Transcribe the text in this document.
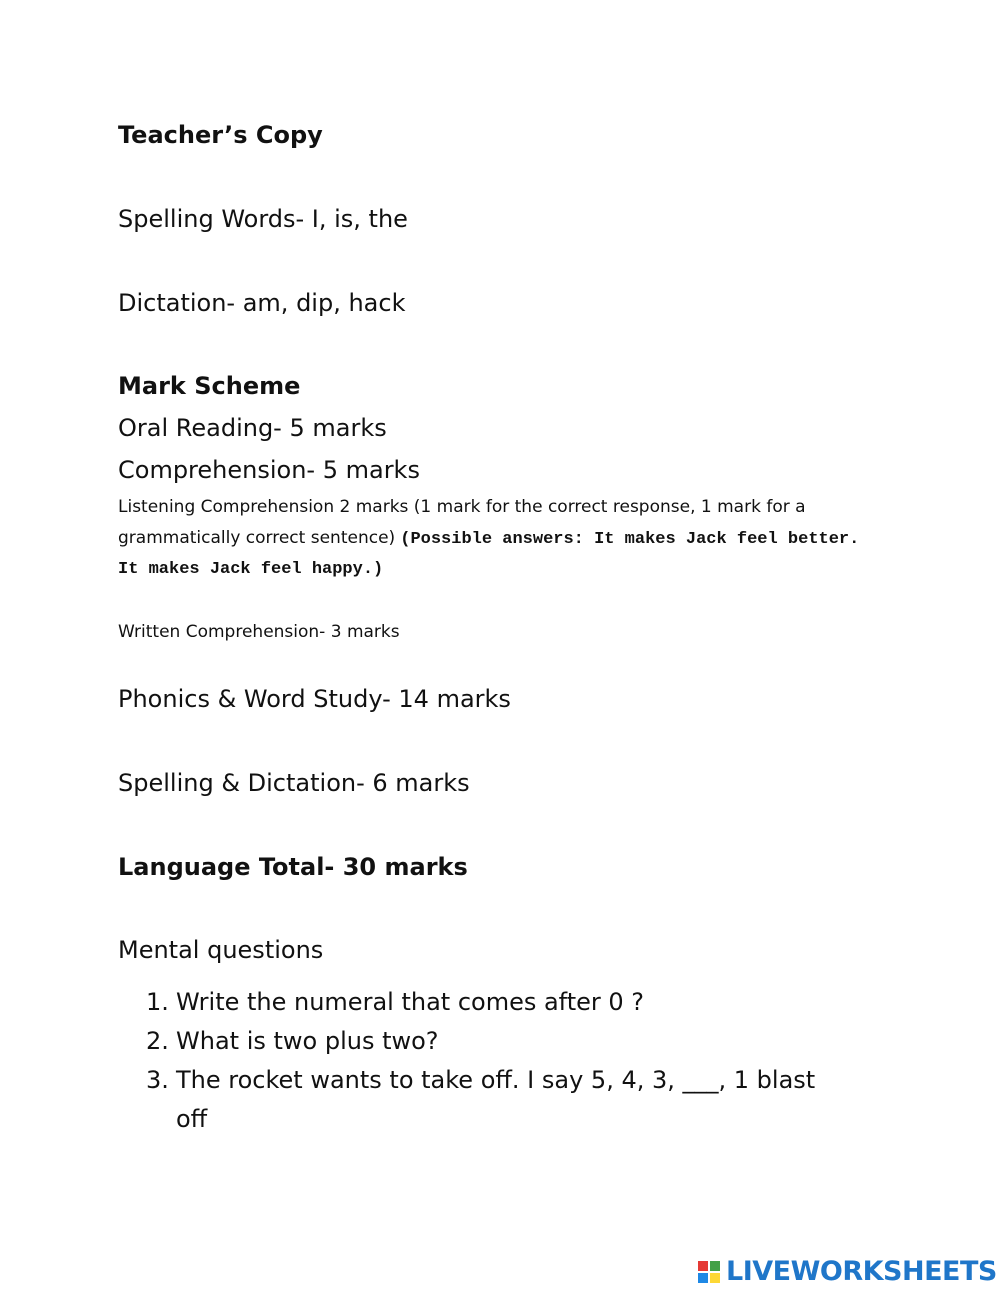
Teacher’s Copy
Spelling Words- I, is, the
Dictation- am, dip, hack
Mark Scheme
Oral Reading- 5 marks
Comprehension- 5 marks
Listening Comprehension 2 marks (1 mark for the correct response, 1 mark for a
grammatically correct sentence) (Possible answers: It makes Jack feel better.
It makes Jack feel happy.)
Written Comprehension- 3 marks
Phonics & Word Study- 14 marks
Spelling & Dictation- 6 marks
Language Total- 30 marks
Mental questions
1. Write the numeral that comes after 0 ?
2. What is two plus two?
3. The rocket wants to take off. I say 5, 4, 3, ___, 1 blast
off
LIVEWORKSHEETS
